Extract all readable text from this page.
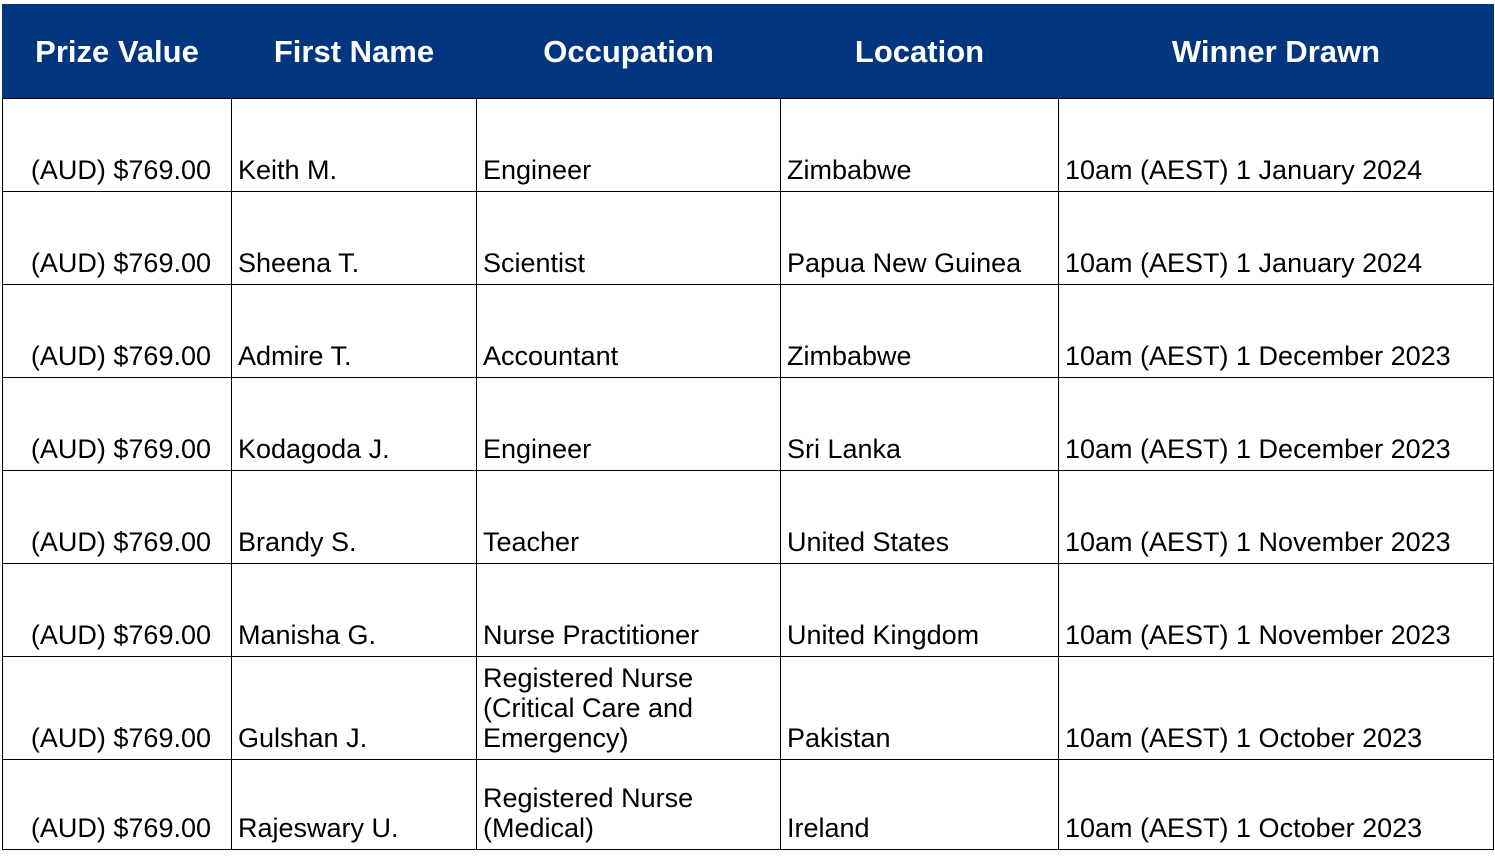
Prize Value	First Name	Occupation	Location	Winner Drawn
(AUD) $769.00	Keith M.	Engineer	Zimbabwe	10am (AEST) 1 January 2024
(AUD) $769.00	Sheena T.	Scientist	Papua New Guinea	10am (AEST) 1 January 2024
(AUD) $769.00	Admire T.	Accountant	Zimbabwe	10am (AEST) 1 December 2023
(AUD) $769.00	Kodagoda J.	Engineer	Sri Lanka	10am (AEST) 1 December 2023
(AUD) $769.00	Brandy S.	Teacher	United States	10am (AEST) 1 November 2023
(AUD) $769.00	Manisha G.	Nurse Practitioner	United Kingdom	10am (AEST) 1 November 2023
(AUD) $769.00	Gulshan J.	Registered Nurse (Critical Care and Emergency)	Pakistan	10am (AEST) 1 October 2023
(AUD) $769.00	Rajeswary U.	Registered Nurse (Medical)	Ireland	10am (AEST) 1 October 2023
